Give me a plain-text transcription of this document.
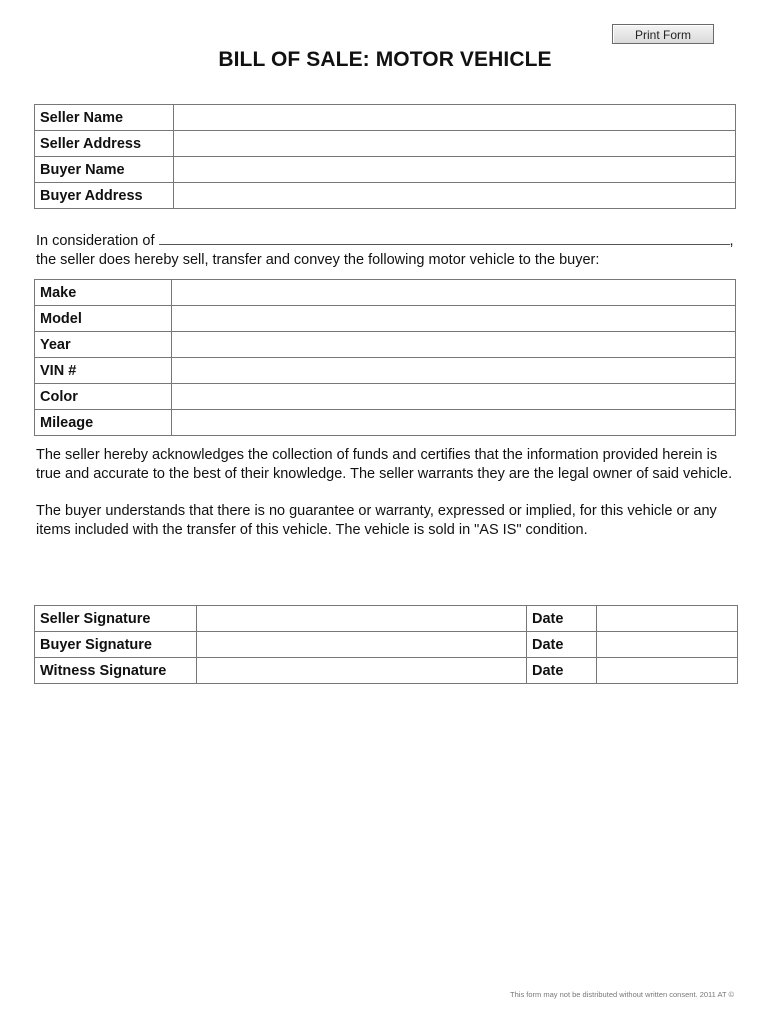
Print Form
BILL OF SALE: MOTOR VEHICLE
Seller Name	
Seller Address	
Buyer Name	
Buyer Address	
In consideration of	,
the seller does hereby sell, transfer and convey the following motor vehicle to the buyer:
Make	
Model	
Year	
VIN #	
Color	
Mileage	
The seller hereby acknowledges the collection of funds and certifies that the information provided herein is true and accurate to the best of their knowledge. The seller warrants they are the legal owner of said vehicle.
The buyer understands that there is no guarantee or warranty, expressed or implied, for this vehicle or any items included with the transfer of this vehicle. The vehicle is sold in "AS IS" condition.
Seller Signature		Date	
Buyer Signature		Date	
Witness Signature		Date	
This form may not be distributed without written consent. 2011 AT ©
